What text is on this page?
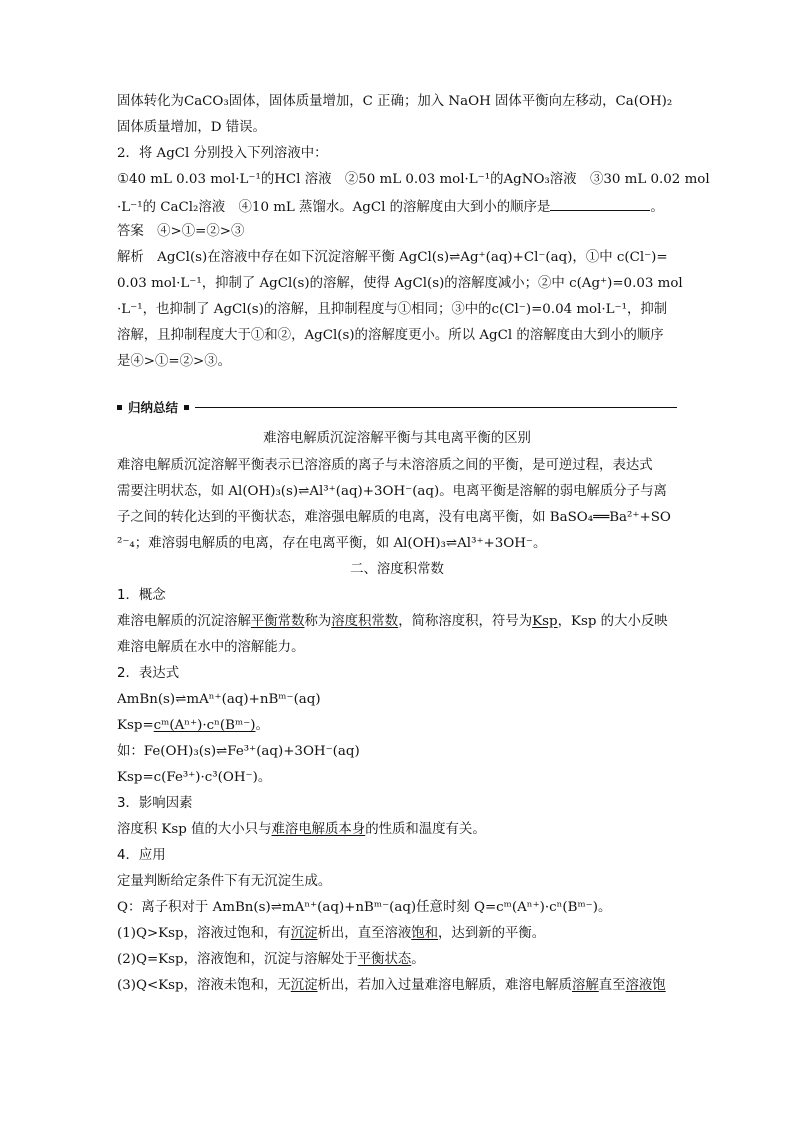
固体转化为CaCO₃固体，固体质量增加，C 正确；加入 NaOH 固体平衡向左移动，Ca(OH)₂
固体质量增加，D 错误。
2．将 AgCl 分别投入下列溶液中：
①40 mL 0.03 mol·L⁻¹的HCl 溶液　②50 mL 0.03 mol·L⁻¹的AgNO₃溶液　③30 mL 0.02 mol
·L⁻¹的 CaCl₂溶液　④10 mL 蒸馏水。AgCl 的溶解度由大到小的顺序是	。
答案　④>①=②>③
解析　AgCl(s)在溶液中存在如下沉淀溶解平衡 AgCl(s)⇌Ag⁺(aq)+Cl⁻(aq)，①中 c(Cl⁻)=
0.03 mol·L⁻¹，抑制了 AgCl(s)的溶解，使得 AgCl(s)的溶解度减小；②中 c(Ag⁺)=0.03 mol
·L⁻¹，也抑制了 AgCl(s)的溶解，且抑制程度与①相同；③中的c(Cl⁻)=0.04 mol·L⁻¹，抑制
溶解，且抑制程度大于①和②，AgCl(s)的溶解度更小。所以 AgCl 的溶解度由大到小的顺序
是④>①=②>③。
归纳总结
难溶电解质沉淀溶解平衡与其电离平衡的区别
难溶电解质沉淀溶解平衡表示已溶溶质的离子与未溶溶质之间的平衡，是可逆过程，表达式
需要注明状态，如 Al(OH)₃(s)⇌Al³⁺(aq)+3OH⁻(aq)。电离平衡是溶解的弱电解质分子与离
子之间的转化达到的平衡状态，难溶强电解质的电离，没有电离平衡，如 BaSO₄══Ba²⁺+SO
²⁻₄；难溶弱电解质的电离，存在电离平衡，如 Al(OH)₃⇌Al³⁺+3OH⁻。
二、溶度积常数
1．概念
难溶电解质的沉淀溶解平衡常数称为溶度积常数，简称溶度积，符号为Ksp，Ksp 的大小反映
难溶电解质在水中的溶解能力。
2．表达式
AmBn(s)⇌mAⁿ⁺(aq)+nBᵐ⁻(aq)
Ksp=cᵐ(Aⁿ⁺)·cⁿ(Bᵐ⁻)。
如：Fe(OH)₃(s)⇌Fe³⁺(aq)+3OH⁻(aq)
Ksp=c(Fe³⁺)·c³(OH⁻)。
3．影响因素
溶度积 Ksp 值的大小只与难溶电解质本身的性质和温度有关。
4．应用
定量判断给定条件下有无沉淀生成。
Q：离子积对于 AmBn(s)⇌mAⁿ⁺(aq)+nBᵐ⁻(aq)任意时刻 Q=cᵐ(Aⁿ⁺)·cⁿ(Bᵐ⁻)。
(1)Q>Ksp，溶液过饱和，有沉淀析出，直至溶液饱和，达到新的平衡。
(2)Q=Ksp，溶液饱和，沉淀与溶解处于平衡状态。
(3)Q<Ksp，溶液未饱和，无沉淀析出，若加入过量难溶电解质，难溶电解质溶解直至溶液饱
